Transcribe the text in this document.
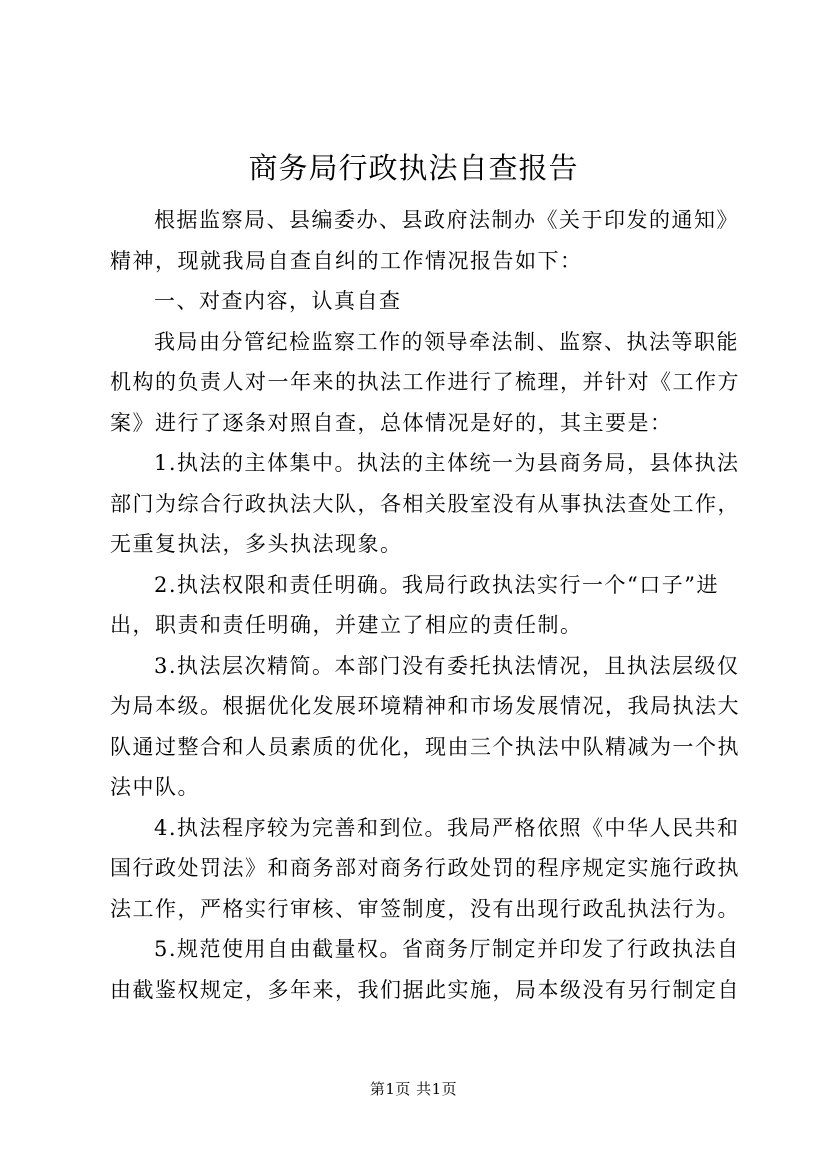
商务局行政执法自查报告
根据监察局、县编委办、县政府法制办《关于印发的通知》
精神，现就我局自查自纠的工作情况报告如下：
一、对查内容，认真自查
我局由分管纪检监察工作的领导牵法制、监察、执法等职能
机构的负责人对一年来的执法工作进行了梳理，并针对《工作方
案》进行了逐条对照自查，总体情况是好的，其主要是：
1.执法的主体集中。执法的主体统一为县商务局，县体执法
部门为综合行政执法大队，各相关股室没有从事执法查处工作，
无重复执法，多头执法现象。
2.执法权限和责任明确。我局行政执法实行一个“口子”进
出，职责和责任明确，并建立了相应的责任制。
3.执法层次精简。本部门没有委托执法情况，且执法层级仅
为局本级。根据优化发展环境精神和市场发展情况，我局执法大
队通过整合和人员素质的优化，现由三个执法中队精减为一个执
法中队。
4.执法程序较为完善和到位。我局严格依照《中华人民共和
国行政处罚法》和商务部对商务行政处罚的程序规定实施行政执
法工作，严格实行审核、审签制度，没有出现行政乱执法行为。
5.规范使用自由截量权。省商务厅制定并印发了行政执法自
由截鉴权规定，多年来，我们据此实施，局本级没有另行制定自
第1页 共1页
